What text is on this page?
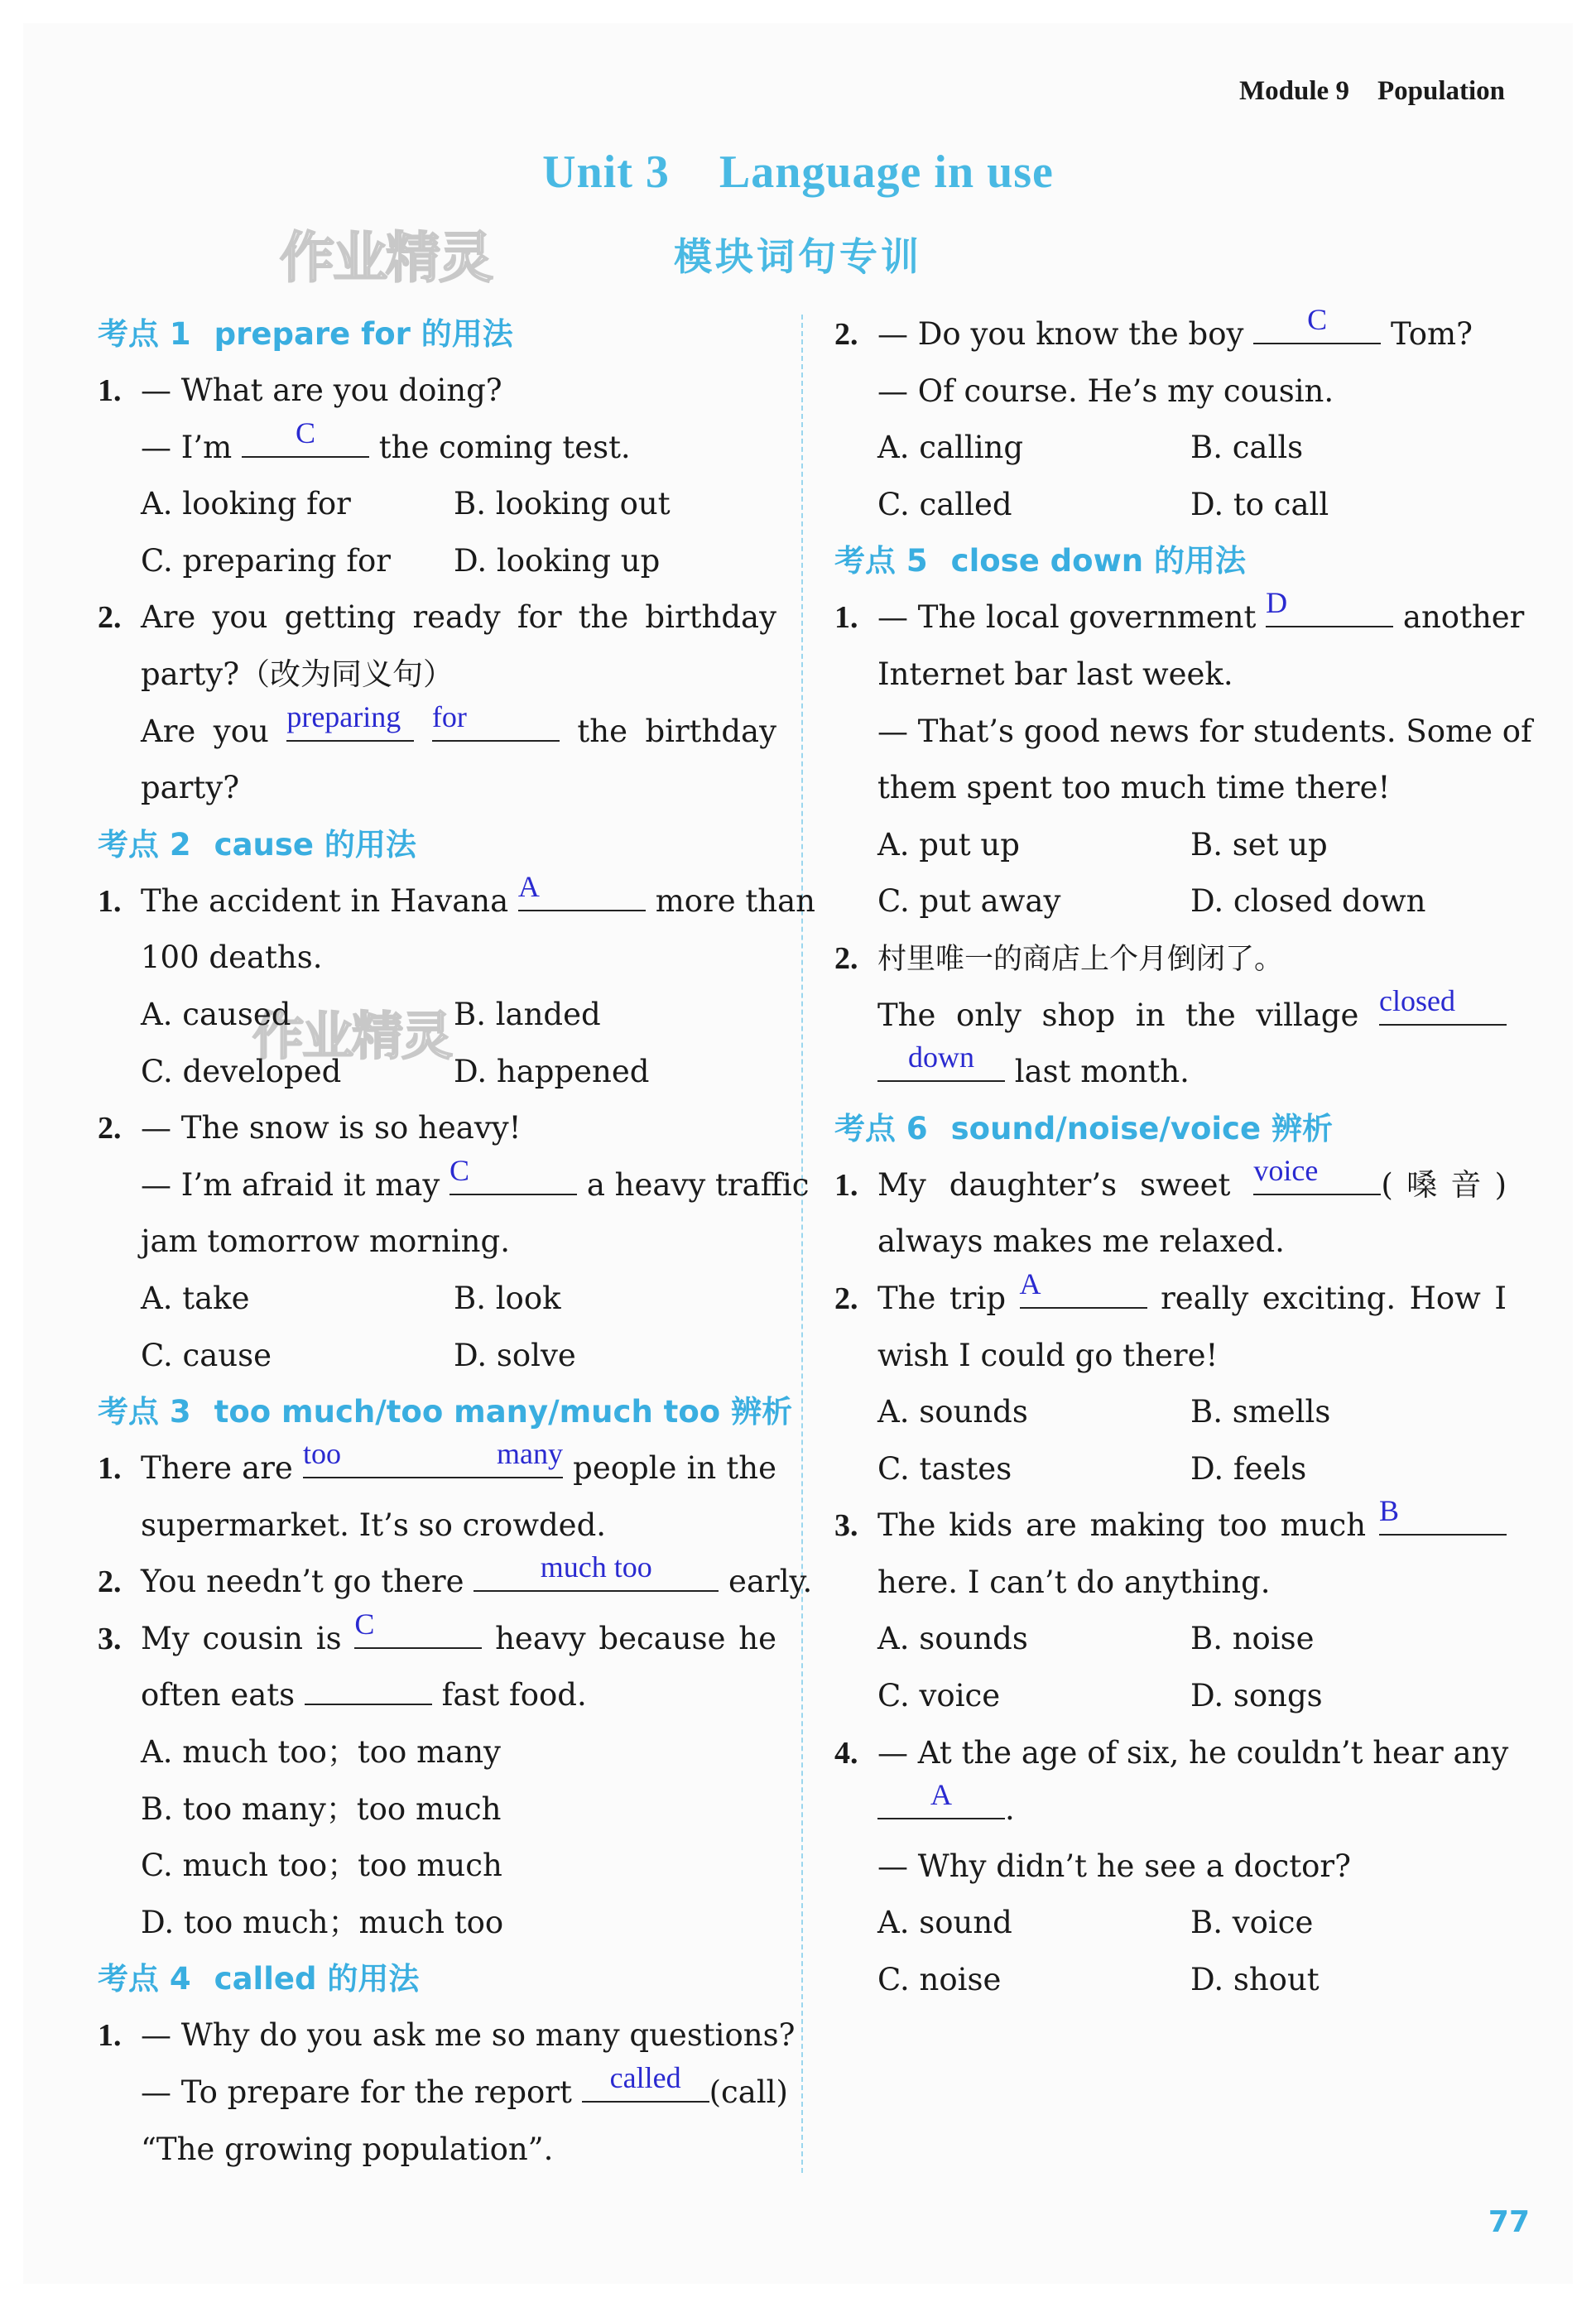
Module 9 Population
Unit 3 Language in use
模块词句专训
作业精灵
作业精灵
考点 1 prepare for 的用法
1. — What are you doing?
— I’m	C	the coming test.
A. looking for	B. looking out
C. preparing for	D. looking up
2. Are you getting ready for the birthday
party?（改为同义句）
Are you preparing
	for	the birthday
party?
考点 2 cause 的用法
1. The accident in Havana A	more than
100 deaths.
A. caused	B. landed
C. developed	D. happened
2. — The snow is so heavy!
— I’m afraid it may C	a heavy traffic
jam tomorrow morning.
A. take	B. look
C. cause	D. solve
考点 3 too much/too many/much too 辨析
1. There are too many people in the
supermarket. It’s so crowded.
2. You needn’t go there	much too	early.
3. My cousin is C	heavy because he
often eats	fast food.
A. much too；too many
B. too many；too much
C. much too；too much
D. too much；much too
考点 4 called 的用法
1. — Why do you ask me so many questions?
— To prepare for the report	called (call)
“The growing population”.
2. — Do you know the boy	C	Tom?
— Of course. He’s my cousin.
A. calling	B. calls
C. called	D. to call
考点 5 close down 的用法
1. — The local government D	another
Internet bar last week.
— That’s good news for students. Some of
them spent too much time there!
A. put up	B. set up
C. put away	D. closed down
2. 村里唯一的商店上个月倒闭了。
The only shop in the village closed
down	last month.
考点 6 sound/noise/voice 辨析
1. My daughter’s sweet voice	(嗓音)
always makes me relaxed.
2. The trip A	really exciting. How I
wish I could go there!
A. sounds	B. smells
C. tastes	D. feels
3. The kids are making too much B
here. I can’t do anything.
A. sounds	B. noise
C. voice	D. songs
4. — At the age of six, he couldn’t hear any
A	.
— Why didn’t he see a doctor?
A. sound	B. voice
C. noise	D. shout
77
